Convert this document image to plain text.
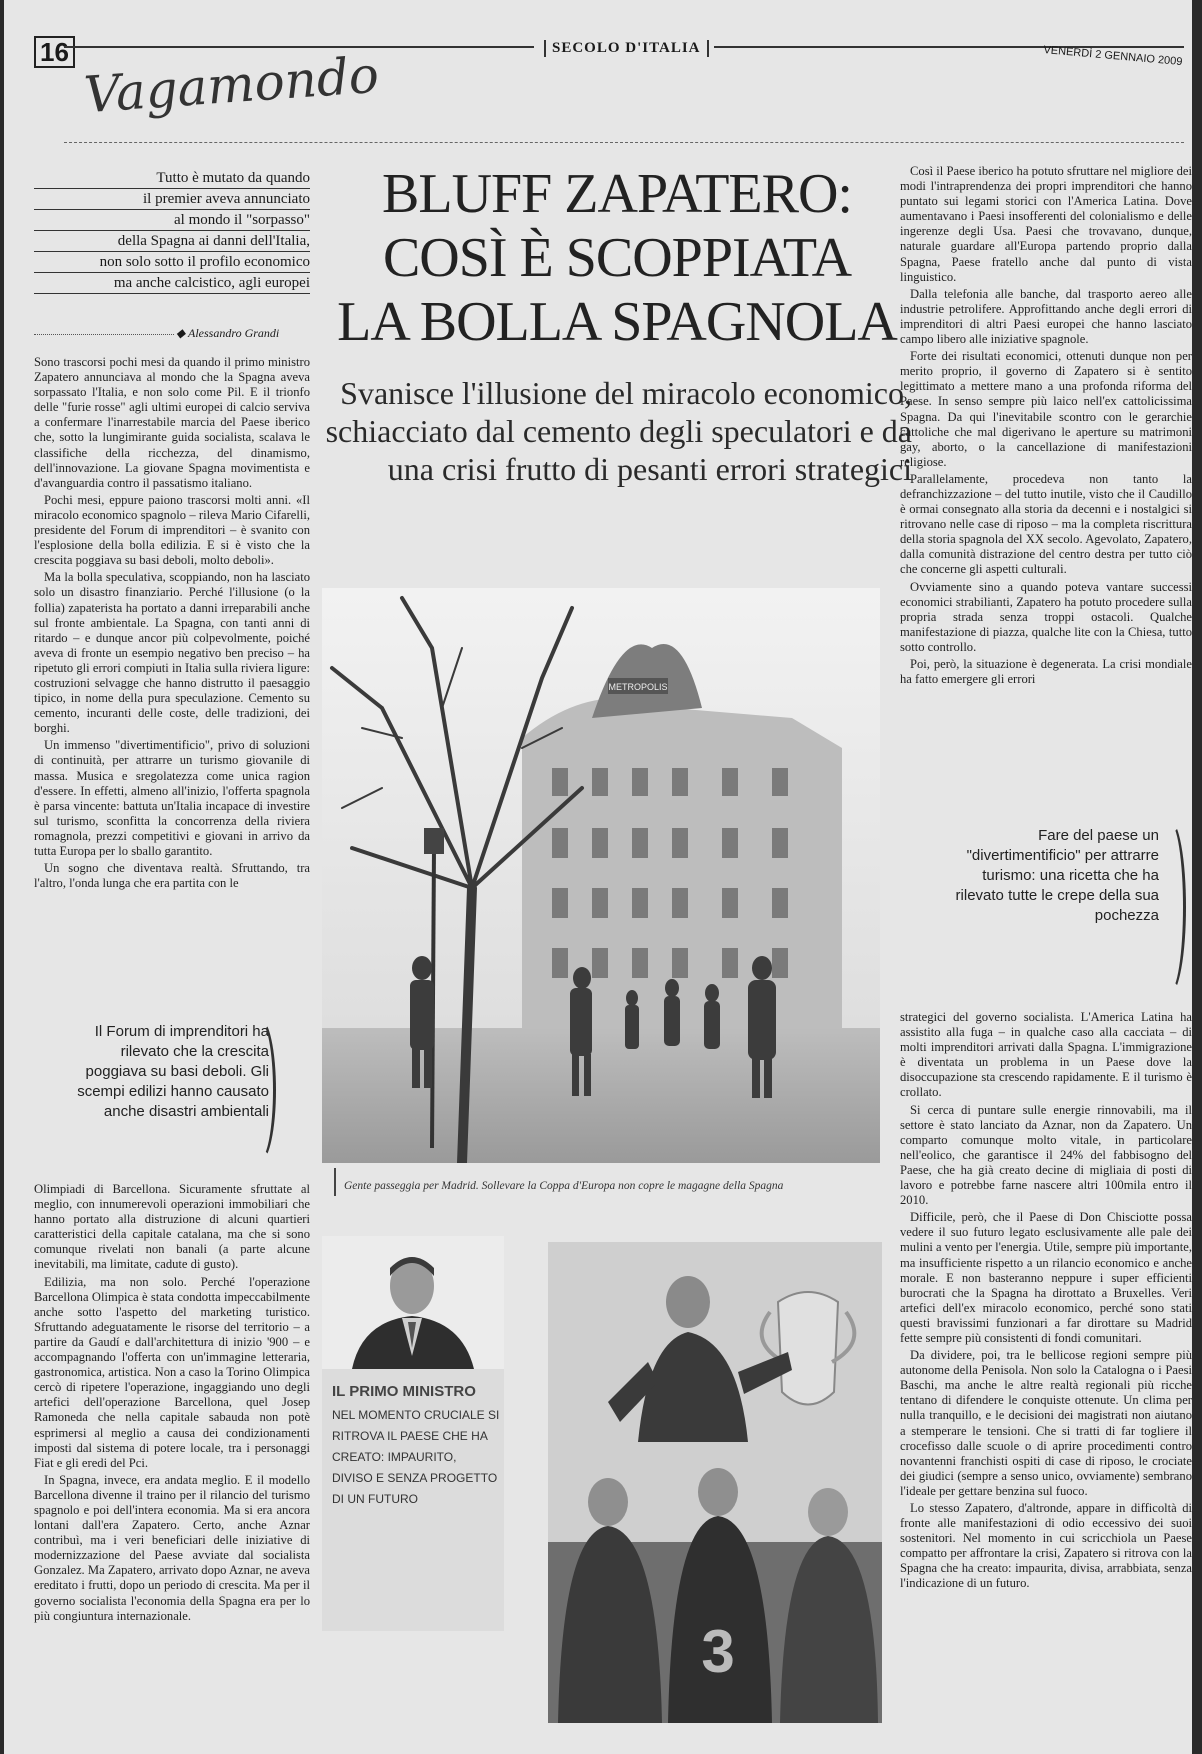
16	SECOLO D'ITALIA	VENERDÌ 2 GENNAIO 2009
Vagamondo
Tutto è mutato da quando
il premier aveva annunciato
al mondo il "sorpasso"
della Spagna ai danni dell'Italia,
non solo sotto il profilo economico
ma anche calcistico, agli europei
◆ Alessandro Grandi
BLUFF ZAPATERO:
COSÌ È SCOPPIATA
LA BOLLA SPAGNOLA
Svanisce l'illusione del miracolo economico, schiacciato dal cemento degli speculatori e da una crisi frutto di pesanti errori strategici

Sono trascorsi pochi mesi da quando il primo ministro Zapatero annunciava al mondo che la Spagna aveva sorpassato l'Italia, e non solo come Pil. E il trionfo delle "furie rosse" agli ultimi europei di calcio serviva a confermare l'inarrestabile marcia del Paese iberico che, sotto la lungimirante guida socialista, scalava le classifiche della ricchezza, del dinamismo, dell'innovazione. La giovane Spagna movimentista e d'avanguardia contro il passatismo italiano.

Pochi mesi, eppure paiono trascorsi molti anni. «Il miracolo economico spagnolo – rileva Mario Cifarelli, presidente del Forum di imprenditori – è svanito con l'esplosione della bolla edilizia. E si è visto che la crescita poggiava su basi deboli, molto deboli».

Ma la bolla speculativa, scoppiando, non ha lasciato solo un disastro finanziario. Perché l'illusione (o la follia) zapaterista ha portato a danni irreparabili anche sul fronte ambientale. La Spagna, con tanti anni di ritardo – e dunque ancor più colpevolmente, poiché aveva di fronte un esempio negativo ben preciso – ha ripetuto gli errori compiuti in Italia sulla riviera ligure: costruzioni selvagge che hanno distrutto il paesaggio tipico, in nome della pura speculazione. Cemento su cemento, incuranti delle coste, delle tradizioni, dei borghi.

Un immenso "divertimentificio", privo di soluzioni di continuità, per attrarre un turismo giovanile di massa. Musica e sregolatezza come unica ragion d'essere. In effetti, almeno all'inizio, l'offerta spagnola è parsa vincente: battuta un'Italia incapace di investire sul turismo, sconfitta la concorrenza della riviera romagnola, prezzi competitivi e giovani in arrivo da tutta Europa per lo sballo garantito.

Un sogno che diventava realtà. Sfruttando, tra l'altro, l'onda lunga che era partita con le

Il Forum di imprenditori ha rilevato che la crescita poggiava su basi deboli. Gli scempi edilizi hanno causato anche disastri ambientali

Olimpiadi di Barcellona. Sicuramente sfruttate al meglio, con innumerevoli operazioni immobiliari che hanno portato alla distruzione di alcuni quartieri caratteristici della capitale catalana, ma che si sono comunque rivelati non banali (a parte alcune inevitabili, ma limitate, cadute di gusto).

Edilizia, ma non solo. Perché l'operazione Barcellona Olimpica è stata condotta impeccabilmente anche sotto l'aspetto del marketing turistico. Sfruttando adeguatamente le risorse del territorio – a partire da Gaudí e dall'architettura di inizio '900 – e accompagnando l'offerta con un'immagine letteraria, gastronomica, artistica. Non a caso la Torino Olimpica cercò di ripetere l'operazione, ingaggiando uno degli artefici dell'operazione Barcellona, quel Josep Ramoneda che nella capitale sabauda non potè esprimersi al meglio a causa dei condizionamenti imposti dal sistema di potere locale, tra i personaggi Fiat e gli eredi del Pci.

In Spagna, invece, era andata meglio. E il modello Barcellona divenne il traino per il rilancio del turismo spagnolo e poi dell'intera economia. Ma si era ancora lontani dall'era Zapatero. Certo, anche Aznar contribuì, ma i veri beneficiari delle iniziative di modernizzazione del Paese avviate dal socialista Gonzalez. Ma Zapatero, arrivato dopo Aznar, ne aveva ereditato i frutti, dopo un periodo di crescita. Ma per il governo socialista l'economia della Spagna era per lo più congiuntura internazionale.

METROPOLIS
Gente passeggia per Madrid. Sollevare la Coppa d'Europa non copre le magagne della Spagna
IL PRIMO MINISTRO
NEL MOMENTO CRUCIALE SI RITROVA IL PAESE CHE HA CREATO: IMPAURITO, DIVISO E SENZA PROGETTO DI UN FUTURO
3

Così il Paese iberico ha potuto sfruttare nel migliore dei modi l'intraprendenza dei propri imprenditori che hanno puntato sui legami storici con l'America Latina. Dove aumentavano i Paesi insofferenti del colonialismo e delle ingerenze degli Usa. Paesi che trovavano, dunque, naturale guardare all'Europa partendo proprio dalla Spagna, Paese fratello anche dal punto di vista linguistico.

Dalla telefonia alle banche, dal trasporto aereo alle industrie petrolifere. Approfittando anche degli errori di imprenditori di altri Paesi europei che hanno lasciato campo libero alle iniziative spagnole.

Forte dei risultati economici, ottenuti dunque non per merito proprio, il governo di Zapatero si è sentito legittimato a mettere mano a una profonda riforma del Paese. In senso sempre più laico nell'ex cattolicissima Spagna. Da qui l'inevitabile scontro con le gerarchie cattoliche che mal digerivano le aperture su matrimoni gay, aborto, o la cancellazione di manifestazioni religiose.

Parallelamente, procedeva non tanto la defranchizzazione – del tutto inutile, visto che il Caudillo è ormai consegnato alla storia da decenni e i nostalgici si ritrovano nelle case di riposo – ma la completa riscrittura della storia spagnola del XX secolo. Agevolato, Zapatero, dalla comunità distrazione del centro destra per tutto ciò che concerne gli aspetti culturali.

Ovviamente sino a quando poteva vantare successi economici strabilianti, Zapatero ha potuto procedere sulla propria strada senza troppi ostacoli. Qualche manifestazione di piazza, qualche lite con la Chiesa, tutto sotto controllo.

Poi, però, la situazione è degenerata. La crisi mondiale ha fatto emergere gli errori

Fare del paese un "divertimentificio" per attrarre turismo: una ricetta che ha rilevato tutte le crepe della sua pochezza

strategici del governo socialista. L'America Latina ha assistito alla fuga – in qualche caso alla cacciata – di molti imprenditori arrivati dalla Spagna. L'immigrazione è diventata un problema in un Paese dove la disoccupazione sta crescendo rapidamente. E il turismo è crollato.

Si cerca di puntare sulle energie rinnovabili, ma il settore è stato lanciato da Aznar, non da Zapatero. Un comparto comunque molto vitale, in particolare nell'eolico, che garantisce il 24% del fabbisogno del Paese, che ha già creato decine di migliaia di posti di lavoro e potrebbe farne nascere altri 100mila entro il 2010.

Difficile, però, che il Paese di Don Chisciotte possa vedere il suo futuro legato esclusivamente alle pale dei mulini a vento per l'energia. Utile, sempre più importante, ma insufficiente rispetto a un rilancio economico e anche morale. E non basteranno neppure i super efficienti burocrati che la Spagna ha dirottato a Bruxelles. Veri artefici dell'ex miracolo economico, perché sono stati questi bravissimi funzionari a far dirottare su Madrid fette sempre più consistenti di fondi comunitari.

Da dividere, poi, tra le bellicose regioni sempre più autonome della Penisola. Non solo la Catalogna o i Paesi Baschi, ma anche le altre realtà regionali più ricche tentano di difendere le conquiste ottenute. Un clima per nulla tranquillo, e le decisioni dei magistrati non aiutano a stemperare le tensioni. Che si tratti di far togliere il crocefisso dalle scuole o di aprire procedimenti contro novantenni franchisti ospiti di case di riposo, le crociate dei giudici (sempre a senso unico, ovviamente) sembrano l'ideale per gettare benzina sul fuoco.

Lo stesso Zapatero, d'altronde, appare in difficoltà di fronte alle manifestazioni di odio eccessivo dei suoi sostenitori. Nel momento in cui scricchiola un Paese compatto per affrontare la crisi, Zapatero si ritrova con la Spagna che ha creato: impaurita, divisa, arrabbiata, senza l'indicazione di un futuro.
